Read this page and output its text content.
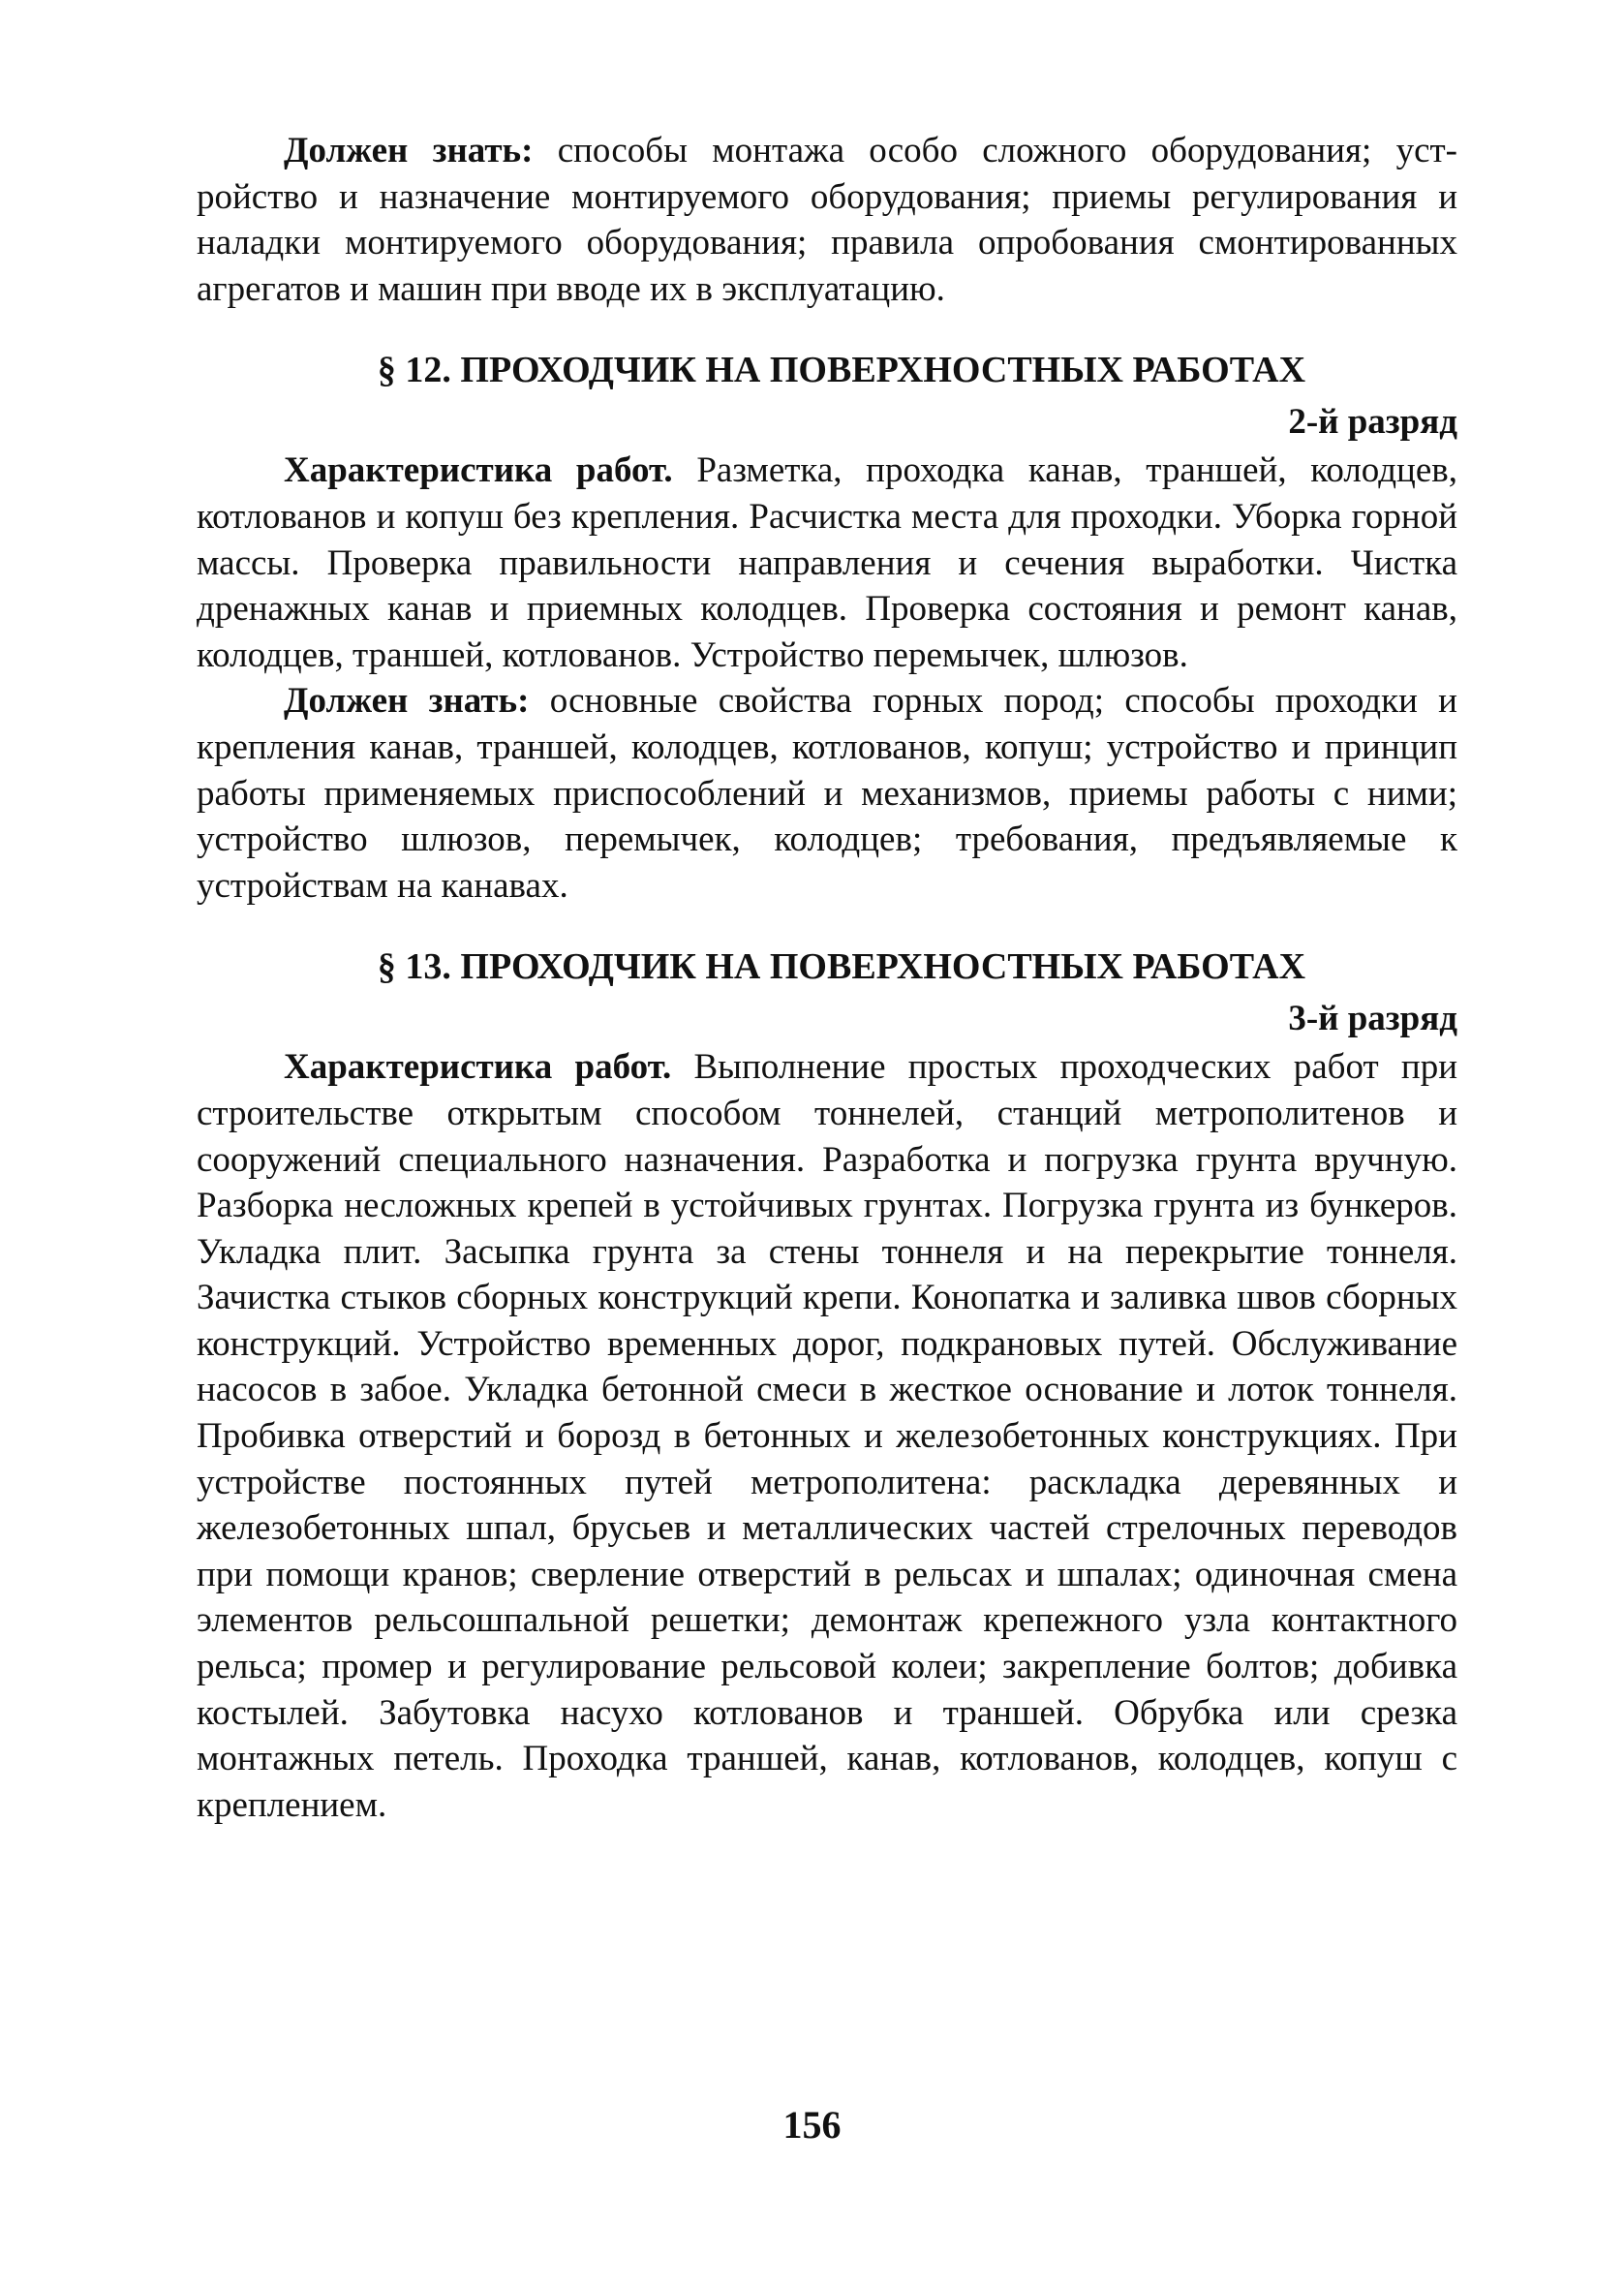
Должен знать: способы монтажа особо сложного оборудования; устройство и назначение монтируемого оборудования; приемы регулирования и наладки монтируемого оборудования; правила опробования смонтированных агрегатов и машин при вводе их в эксплуатацию.

§ 12. ПРОХОДЧИК НА ПОВЕРХНОСТНЫХ РАБОТАХ
2-й разряд

Характеристика работ. Разметка, проходка канав, траншей, колодцев, котлованов и копуш без крепления. Расчистка места для проходки. Уборка горной массы. Проверка правильности направления и сечения выработки. Чистка дренажных канав и приемных колодцев. Проверка состояния и ремонт канав, колодцев, траншей, котлованов. Устройство перемычек, шлюзов.

Должен знать: основные свойства горных пород; способы проходки и крепления канав, траншей, колодцев, котлованов, копуш; устройство и принцип работы применяемых приспособлений и механизмов, приемы работы с ними; устройство шлюзов, перемычек, колодцев; требования, предъявляемые к устройствам на канавах.

§ 13. ПРОХОДЧИК НА ПОВЕРХНОСТНЫХ РАБОТАХ
3-й разряд

Характеристика работ. Выполнение простых проходческих работ при строительстве открытым способом тоннелей, станций метрополитенов и сооружений специального назначения. Разработка и погрузка грунта вручную. Разборка несложных крепей в устойчивых грунтах. Погрузка грунта из бункеров. Укладка плит. Засыпка грунта за стены тоннеля и на перекрытие тоннеля. Зачистка стыков сборных конструкций крепи. Конопатка и заливка швов сборных конструкций. Устройство временных дорог, подкрановых путей. Обслуживание насосов в забое. Укладка бетонной смеси в жесткое основание и лоток тоннеля. Пробивка отверстий и борозд в бетонных и железобетонных конструкциях. При устройстве постоянных путей метрополитена: раскладка деревянных и железобетонных шпал, брусьев и металлических частей стрелочных переводов при помощи кранов; сверление отверстий в рельсах и шпалах; одиночная смена элементов рельсошпальной решетки; демонтаж крепежного узла контактного рельса; промер и регулирование рельсовой колеи; закрепление болтов; добивка костылей. Забутовка насухо котлованов и траншей. Обрубка или срезка монтажных петель. Проходка траншей, канав, котлованов, колодцев, копуш с креплением.

156
